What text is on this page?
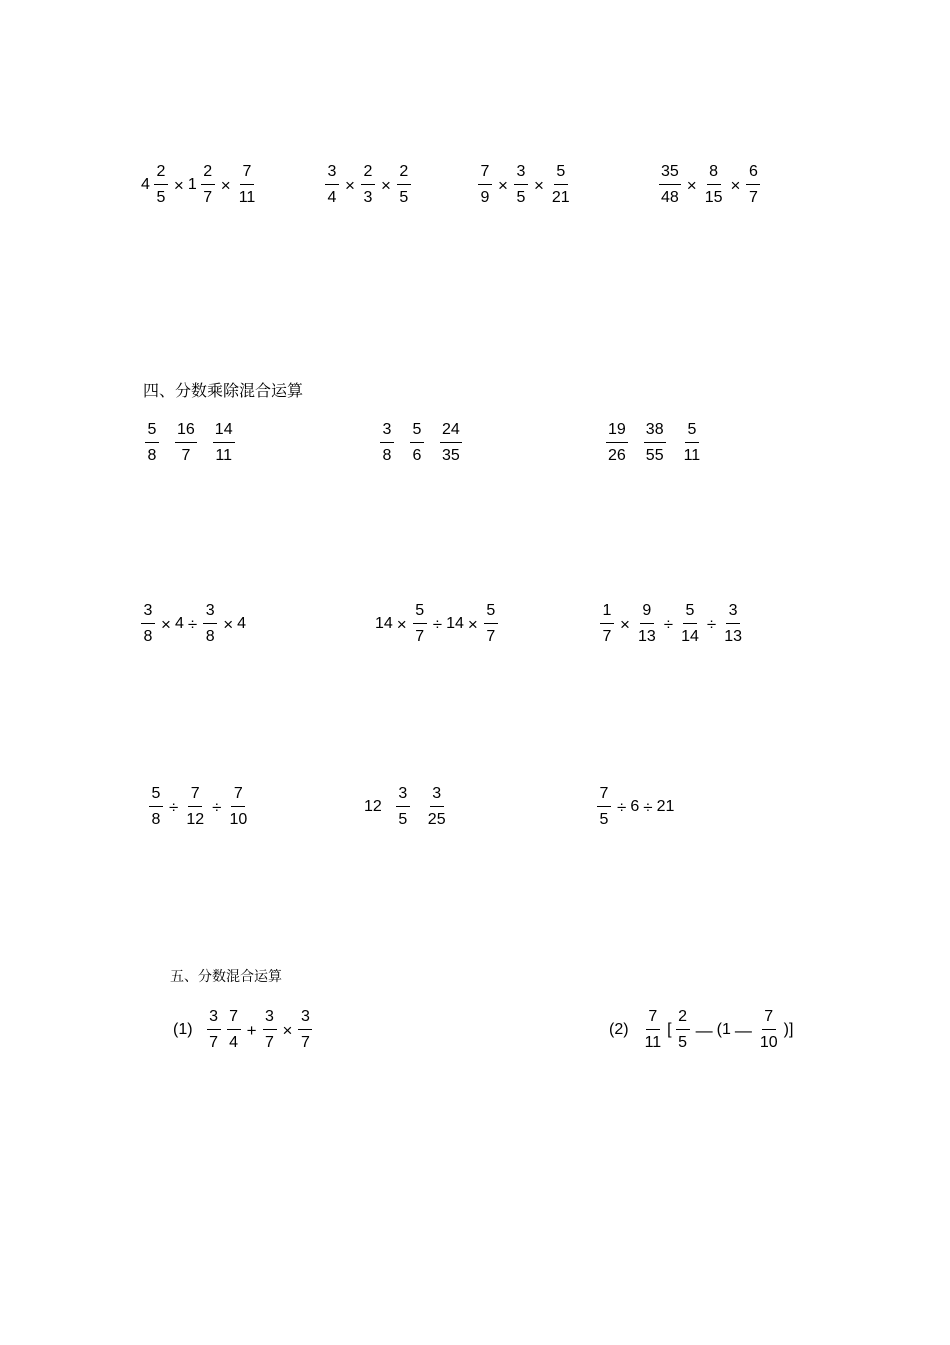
$4 \frac{2}{5} \times 1 \frac{2}{7} \times \frac{7}{11}$	$\frac{3}{4} \times \frac{2}{3} \times \frac{2}{5}$	$\frac{7}{9} \times \frac{3}{5} \times \frac{5}{21}$	$\frac{35}{48} \times \frac{8}{15} \times \frac{6}{7}$
四、分数乘除混合运算
$\frac{5}{8} \frac{16}{7} \frac{14}{11}$	$\frac{3}{8} \frac{5}{6} \frac{24}{35}$	$\frac{19}{26} \frac{38}{55} \frac{5}{11}$
$\frac{3}{8} \times 4 \div \frac{3}{8} \times 4$	$14 \times \frac{5}{7} \div 14 \times \frac{5}{7}$	$\frac{1}{7} \times \frac{9}{13} \div \frac{5}{14} \div \frac{3}{13}$
$\frac{5}{8} \div \frac{7}{12} \div \frac{7}{10}$	$12 \frac{3}{5} \frac{3}{25}$	$\frac{7}{5} \div 6 \div 21$
五、分数混合运算
$(1) \frac{3}{7} \frac{7}{4} + \frac{3}{7} \times \frac{3}{7}$	$(2) \frac{7}{11}$ [ $\frac{2}{5}$ — (1 — $\frac{7}{10}$ )]
